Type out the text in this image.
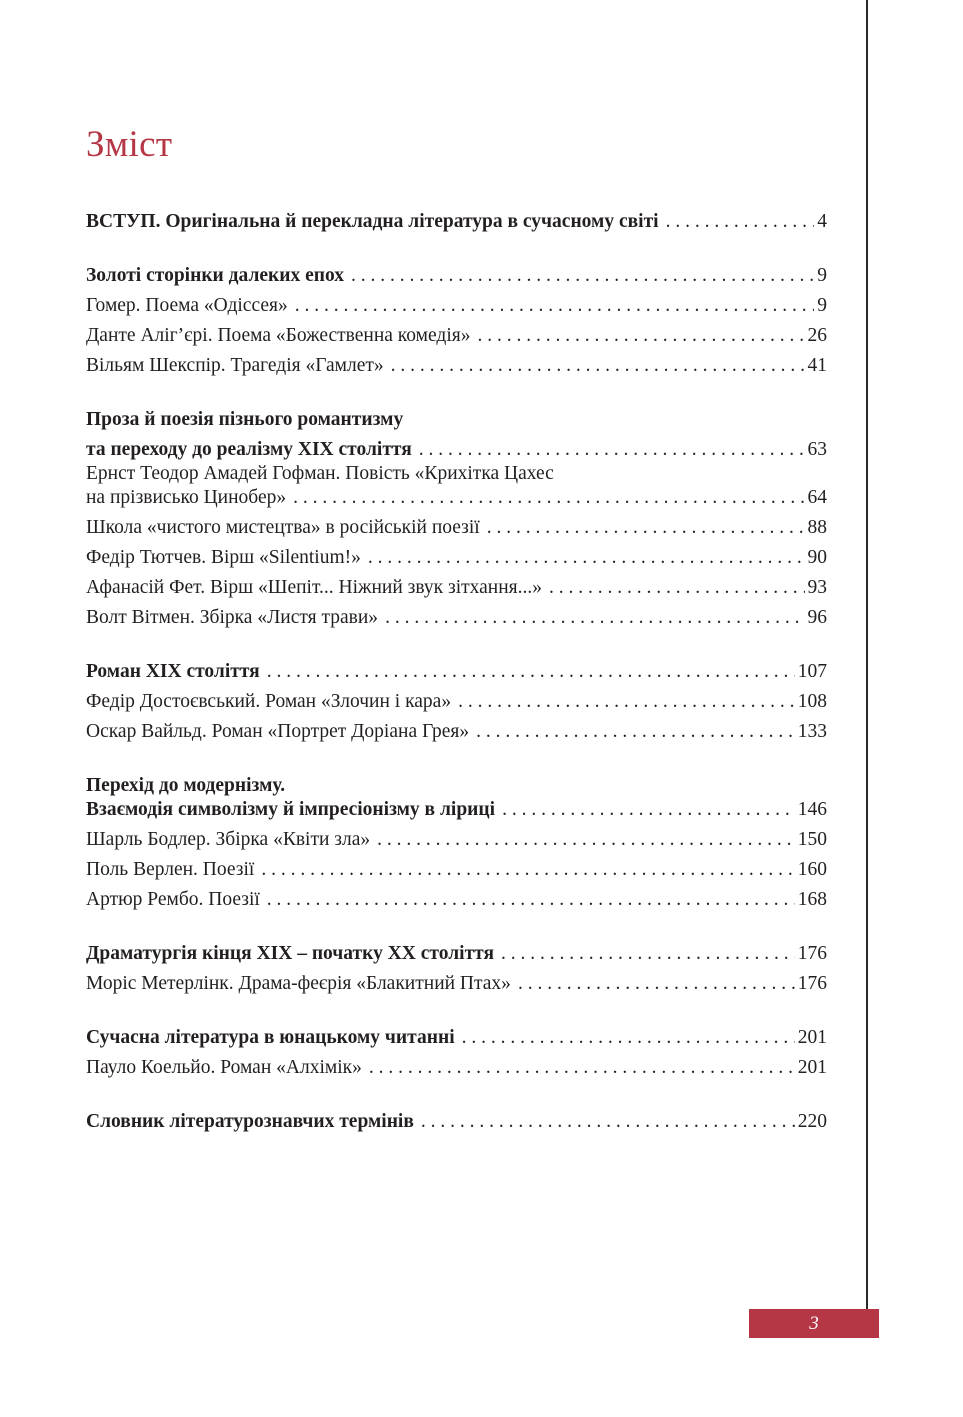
Зміст
ВСТУП. Оригінальна й перекладна література в сучасному світі . . .	4
Золоті сторінки далеких епох . . .	9
Гомер. Поема «Одіссея» . . .	9
Данте Аліг’єрі. Поема «Божественна комедія» . . .	26
Вільям Шекспір. Трагедія «Гамлет» . . .	41
Проза й поезія пізнього романтизму
та переходу до реалізму ХІХ століття . . .	63
Ернст Теодор Амадей Гофман. Повість «Крихітка Цахес
на прізвисько Цинобер» . . .	64
Школа «чистого мистецтва» в російській поезії . . .	88
Федір Тютчев. Вірш «Silentium!» . . .	90
Афанасій Фет. Вірш «Шепіт... Ніжний звук зітхання...» . . .	93
Волт Вітмен. Збірка «Листя трави» . . .	96
Роман ХІХ століття . . .	107
Федір Достоєвський. Роман «Злочин і кара» . . .	108
Оскар Вайльд. Роман «Портрет Доріана Грея» . . .	133
Перехід до модернізму.
Взаємодія символізму й імпресіонізму в ліриці . . .	146
Шарль Бодлер. Збірка «Квіти зла» . . .	150
Поль Верлен. Поезії . . .	160
Артюр Рембо. Поезії . . .	168
Драматургія кінця ХІХ – початку ХХ століття . . .	176
Моріс Метерлінк. Драма-феєрія «Блакитний Птах» . . .	176
Сучасна література в юнацькому читанні . . .	201
Пауло Коельйо. Роман «Алхімік» . . .	201
Словник літературознавчих термінів . . .	220
3
